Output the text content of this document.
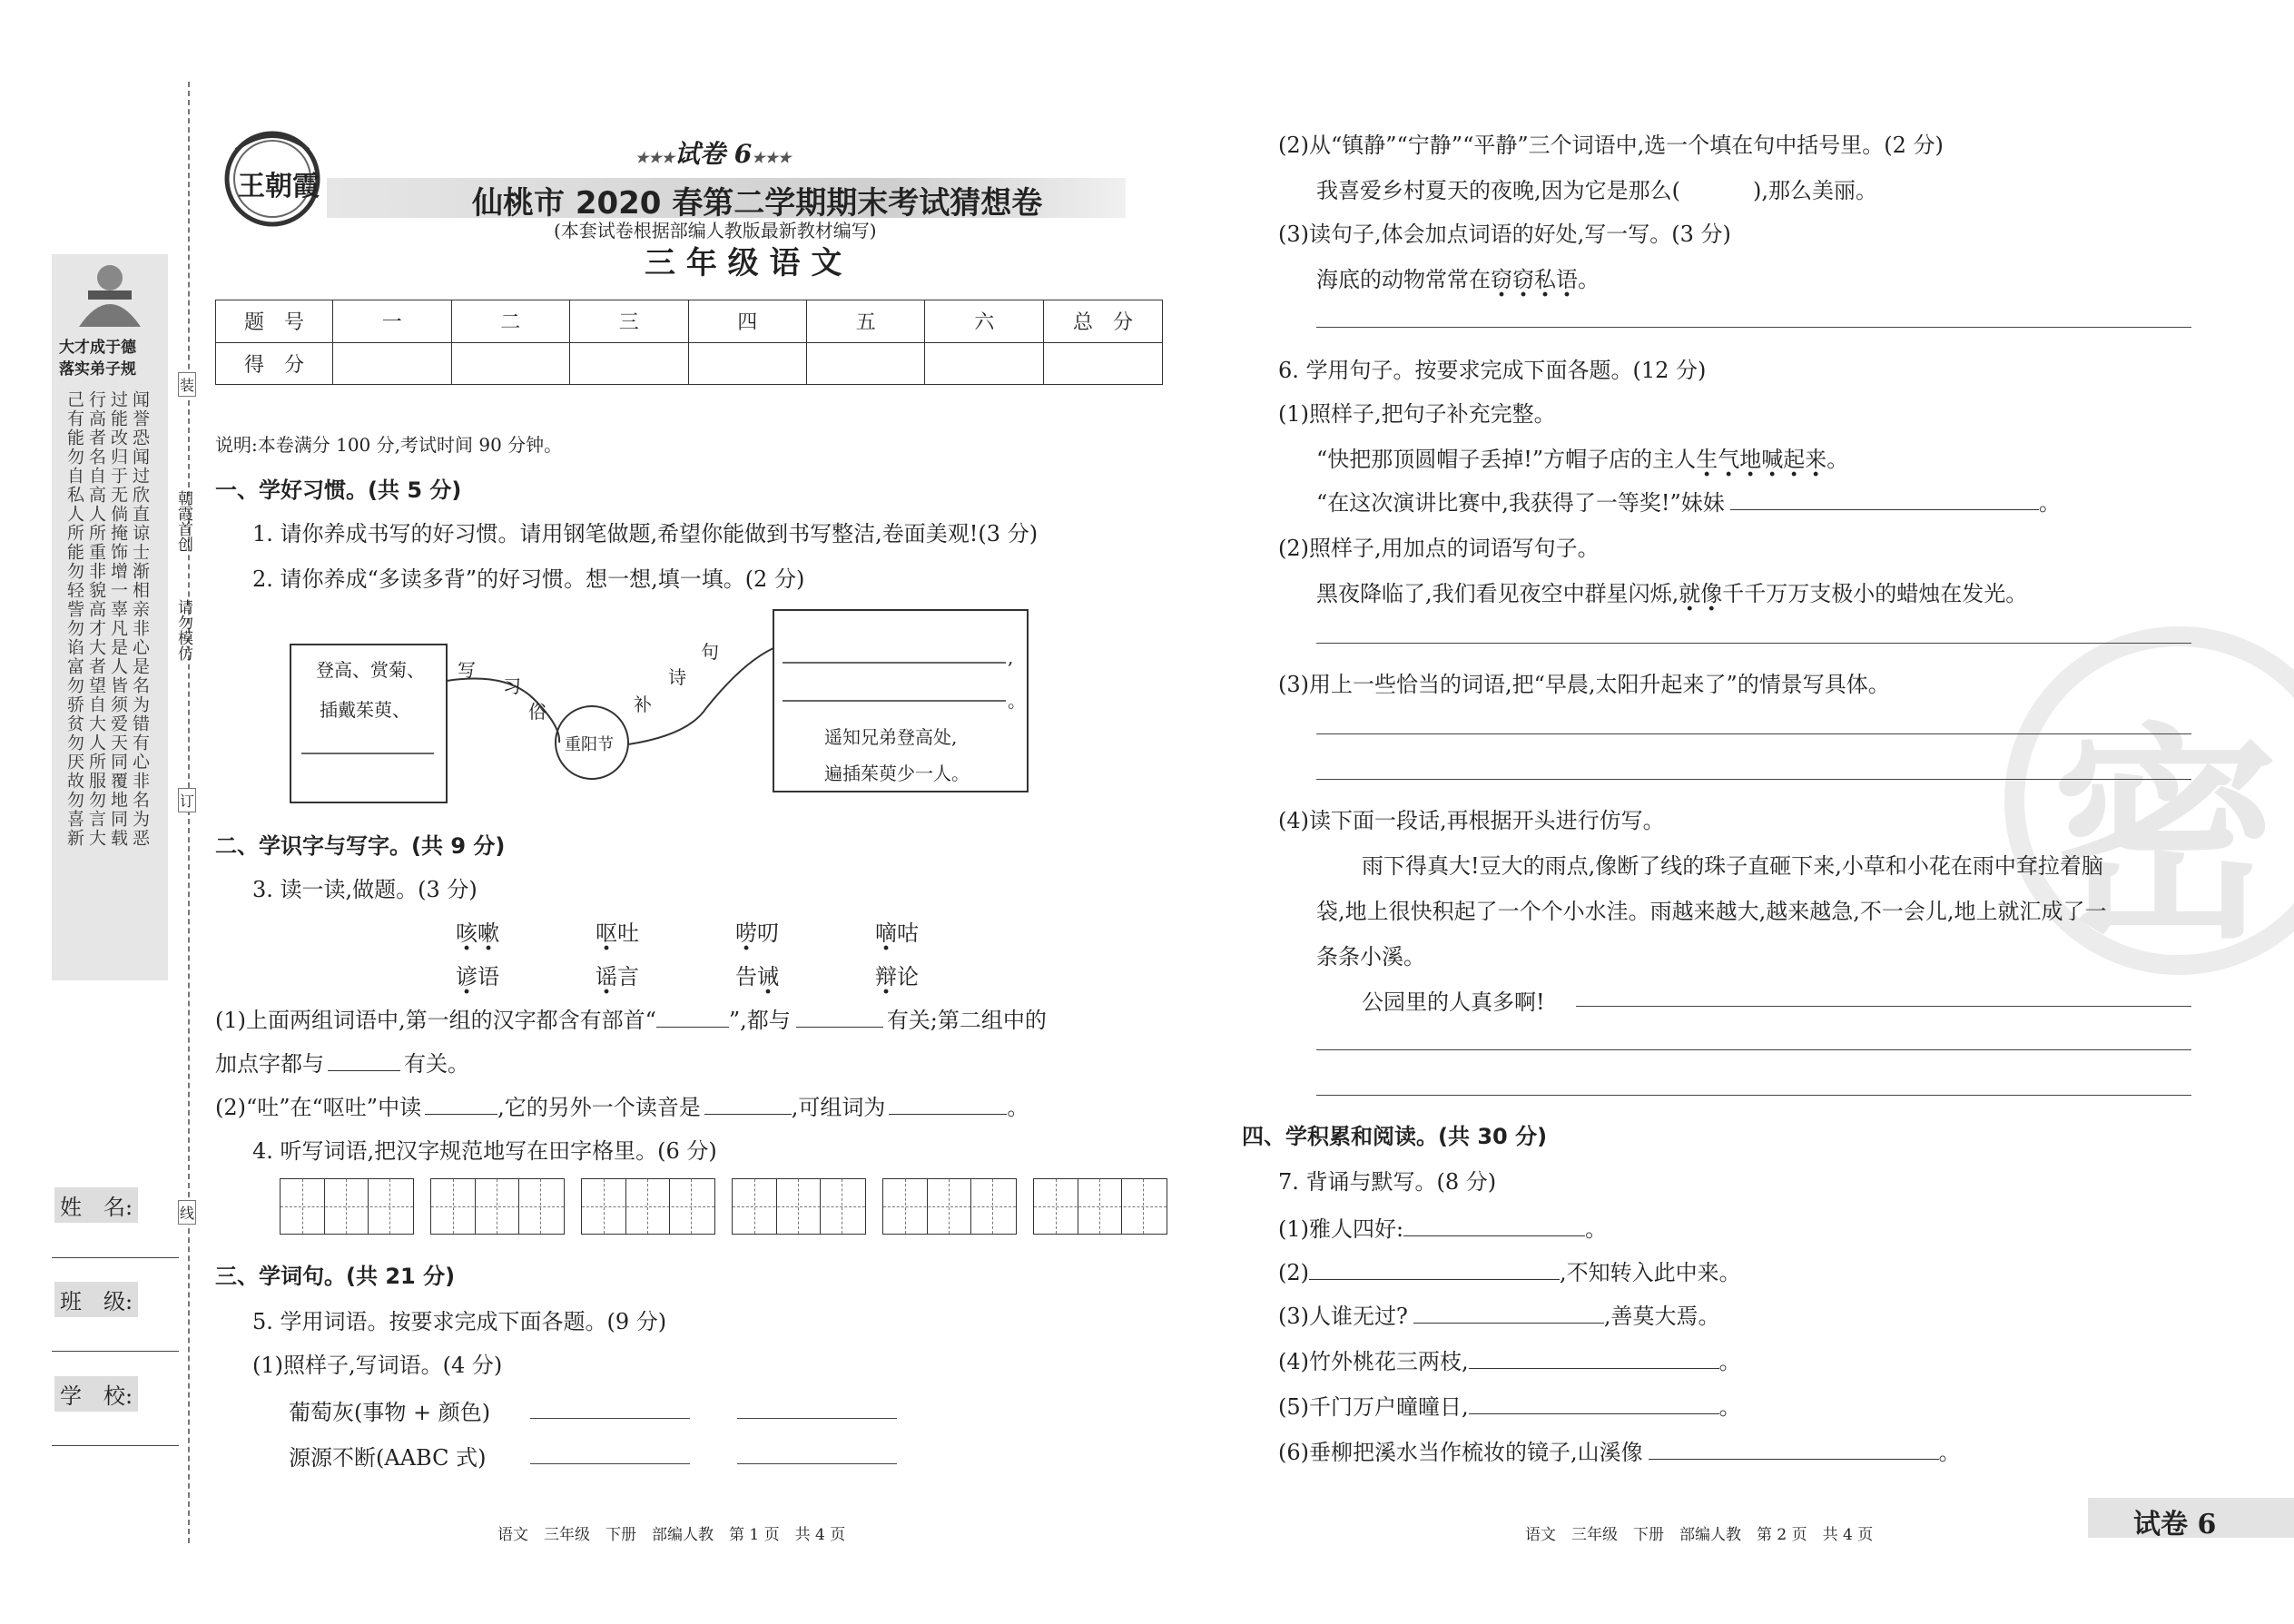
大才成于德
落实弟子规
己有能勿自私人所能勿轻訾勿谄富勿骄贫勿厌故勿喜新 行高者名自高人所重非貌高才大者望自大人所服勿言大 过能改归于无倘掩饰增一辜凡是人皆须爱天同覆地同载 闻誉恐闻过欣直谅士渐相亲非心是名为错有心非名为恶 朝霞首创
请勿模仿
装
订
线
姓　名:
班　级:
学　校:
王朝霞
★★★试卷 6★★★
仙桃市 2020 春第二学期期末考试猜想卷
(本套试卷根据部编人教版最新教材编写)
三 年 级 语 文
题　号	一	二	三	四	五	六	总　分
得　分							
说明:本卷满分 100 分,考试时间 90 分钟。
一、学好习惯。(共 5 分)
1. 请你养成书写的好习惯。请用钢笔做题,希望你能做到书写整洁,卷面美观!(3 分)
2. 请你养成“多读多背”的好习惯。想一想,填一填。(2 分)
登高、赏菊、
插戴茱萸、
重阳节
写
习
俗	补
诗
句	,
。
遥知兄弟登高处,
遍插茱萸少一人。
二、学识字与写字。(共 9 分)
3. 读一读,做题。(3 分)
咳嗽	呕吐	唠叨	嘀咕
谚语	谣言	告诫	辩论
(1)上面两组词语中,第一组的汉字都含有部首“	”,都与	有关;第二组中的
加点字都与	有关。
(2)“吐”在“呕吐”中读	,它的另外一个读音是	,可组词为	。
4. 听写词语,把汉字规范地写在田字格里。(6 分)
三、学词句。(共 21 分)
5. 学用词语。按要求完成下面各题。(9 分)
(1)照样子,写词语。(4 分)
葡萄灰(事物 + 颜色)
源源不断(AABC 式)
语文　三年级　下册　部编人教　第 1 页　共 4 页
密
(2)从“镇静”“宁静”“平静”三个词语中,选一个填在句中括号里。(2 分)
我喜爱乡村夏天的夜晚,因为它是那么(	),那么美丽。
(3)读句子,体会加点词语的好处,写一写。(3 分)
海底的动物常常在窃窃私语。
6. 学用句子。按要求完成下面各题。(12 分)
(1)照样子,把句子补充完整。
“快把那顶圆帽子丢掉!”方帽子店的主人生气地喊起来。
“在这次演讲比赛中,我获得了一等奖!”妹妹	。
(2)照样子,用加点的词语写句子。
黑夜降临了,我们看见夜空中群星闪烁,就像千千万万支极小的蜡烛在发光。
(3)用上一些恰当的词语,把“早晨,太阳升起来了”的情景写具体。
(4)读下面一段话,再根据开头进行仿写。
雨下得真大!豆大的雨点,像断了线的珠子直砸下来,小草和小花在雨中耷拉着脑
袋,地上很快积起了一个个小水洼。雨越来越大,越来越急,不一会儿,地上就汇成了一
条条小溪。
公园里的人真多啊!
四、学积累和阅读。(共 30 分)
7. 背诵与默写。(8 分)
(1)雅人四好:	。
(2)	,不知转入此中来。
(3)人谁无过?	,善莫大焉。
(4)竹外桃花三两枝,	。
(5)千门万户曈曈日,	。
(6)垂柳把溪水当作梳妆的镜子,山溪像	。
语文　三年级　下册　部编人教　第 2 页　共 4 页	试卷 6
